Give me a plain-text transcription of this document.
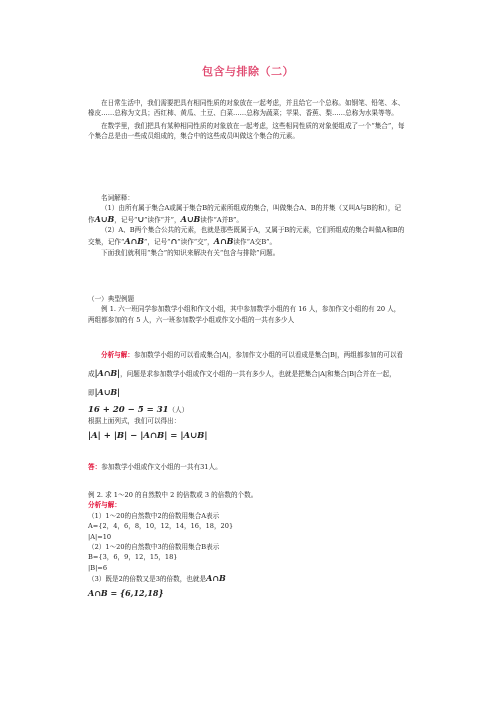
包含与排除（二）

在日常生活中，我们需要把具有相同性质的对象放在一起考虑，并且给它一个总称。如钢笔、铅笔、本、橡皮……总称为文具；西红柿、黄瓜、土豆、白菜……总称为蔬菜；苹果、香蕉、梨……总称为水果等等。

在数学里，我们把具有某种相同性质的对象放在一起考虑，这些相同性质的对象便组成了一个“集合”，每个集合总是由一些成员组成的，集合中的这些成员叫做这个集合的元素。

名词解释：

（1）由所有属于集合A或属于集合B的元素所组成的集合，叫做集合A、B的并集（又叫A与B的和），记作A∪B，记号“∪”读作“并”，A∪B读作“A并B”。

（2）A、B两个集合公共的元素，也就是那些既属于A，又属于B的元素，它们所组成的集合叫做A和B的交集，记作“A∩B”，记号“∩”读作“交”，A∩B读作“A交B”。

下面我们就利用“集合”的知识来解决有关“包含与排除”问题。

（一）典型例题

例 1. 六一班同学参加数学小组和作文小组，其中参加数学小组的有 16 人，参加作文小组的有 20 人，两组都参加的有 5 人，六一班参加数学小组或作文小组的一共有多少人

分析与解：参加数学小组的可以看成集合|A|，参加作文小组的可以看成是集合|B|，两组都参加的可以看成|A∩B|，问题是求参加数学小组或作文小组的一共有多少人，也就是把集合|A|和集合|B|合并在一起，即|A∪B|

16 + 20 − 5 = 31（人）

根据上面列式，我们可以得出：

|A| + |B| − |A∩B| = |A∪B|

答：参加数学小组或作文小组的一共有31人。

例 2. 求 1～20 的自然数中 2 的倍数或 3 的倍数的个数。

分析与解：

（1）1～20的自然数中2的倍数用集合A表示

A={2，4，6，8，10，12，14，16，18，20}

|A|=10

（2）1～20的自然数中3的倍数用集合B表示

B={3，6，9，12，15，18}

|B|=6

（3）既是2的倍数又是3的倍数，也就是A∩B

A∩B = {6,12,18}
